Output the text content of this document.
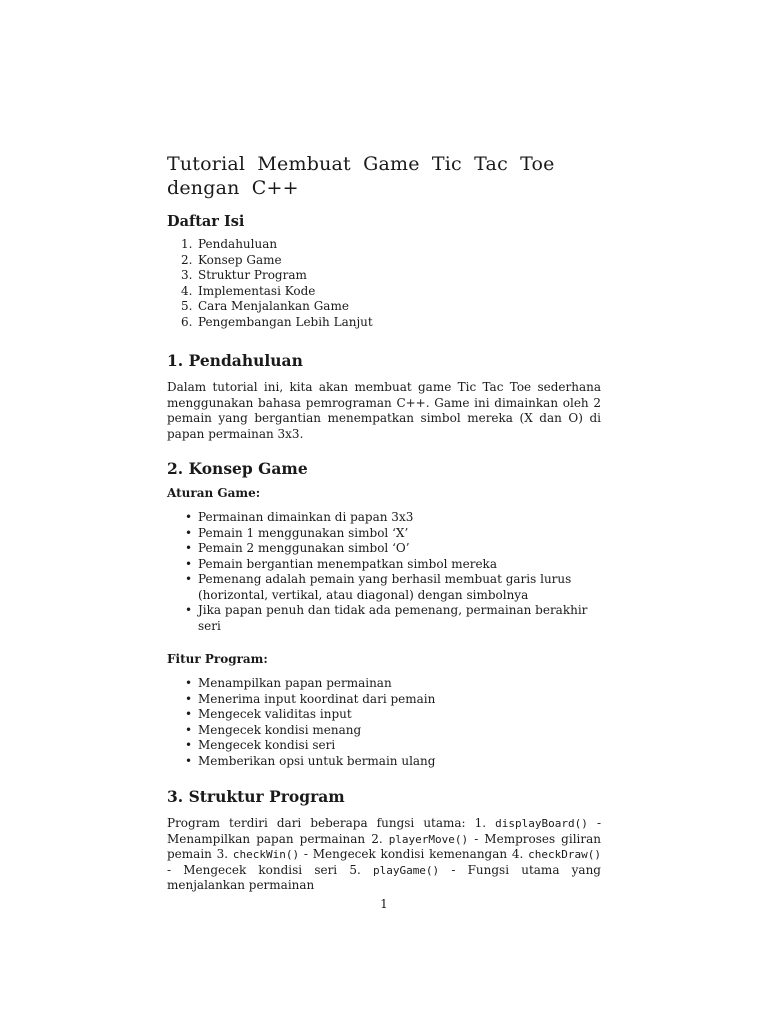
Tutorial Membuat Game Tic Tac Toe dengan C++
Daftar Isi
1. Pendahuluan
2. Konsep Game
3. Struktur Program
4. Implementasi Kode
5. Cara Menjalankan Game
6. Pengembangan Lebih Lanjut
1. Pendahuluan

Dalam tutorial ini, kita akan membuat game Tic Tac Toe sederhana menggunakan bahasa pemrograman C++. Game ini dimainkan oleh 2 pemain yang bergantian menempatkan simbol mereka (X dan O) di papan permainan 3x3.

2. Konsep Game
Aturan Game:
• Permainan dimainkan di papan 3x3
• Pemain 1 menggunakan simbol ‘X’
• Pemain 2 menggunakan simbol ‘O’
• Pemain bergantian menempatkan simbol mereka
• Pemenang adalah pemain yang berhasil membuat garis lurus (horizontal, vertikal, atau diagonal) dengan simbolnya
• Jika papan penuh dan tidak ada pemenang, permainan berakhir seri
Fitur Program:
• Menampilkan papan permainan
• Menerima input koordinat dari pemain
• Mengecek validitas input
• Mengecek kondisi menang
• Mengecek kondisi seri
• Memberikan opsi untuk bermain ulang
3. Struktur Program

Program terdiri dari beberapa fungsi utama: 1. displayBoard() - Menampilkan papan permainan 2. playerMove() - Memproses giliran pemain 3. checkWin() - Mengecek kondisi kemenangan 4. checkDraw() - Mengecek kondisi seri 5. playGame() - Fungsi utama yang menjalankan permainan

1
